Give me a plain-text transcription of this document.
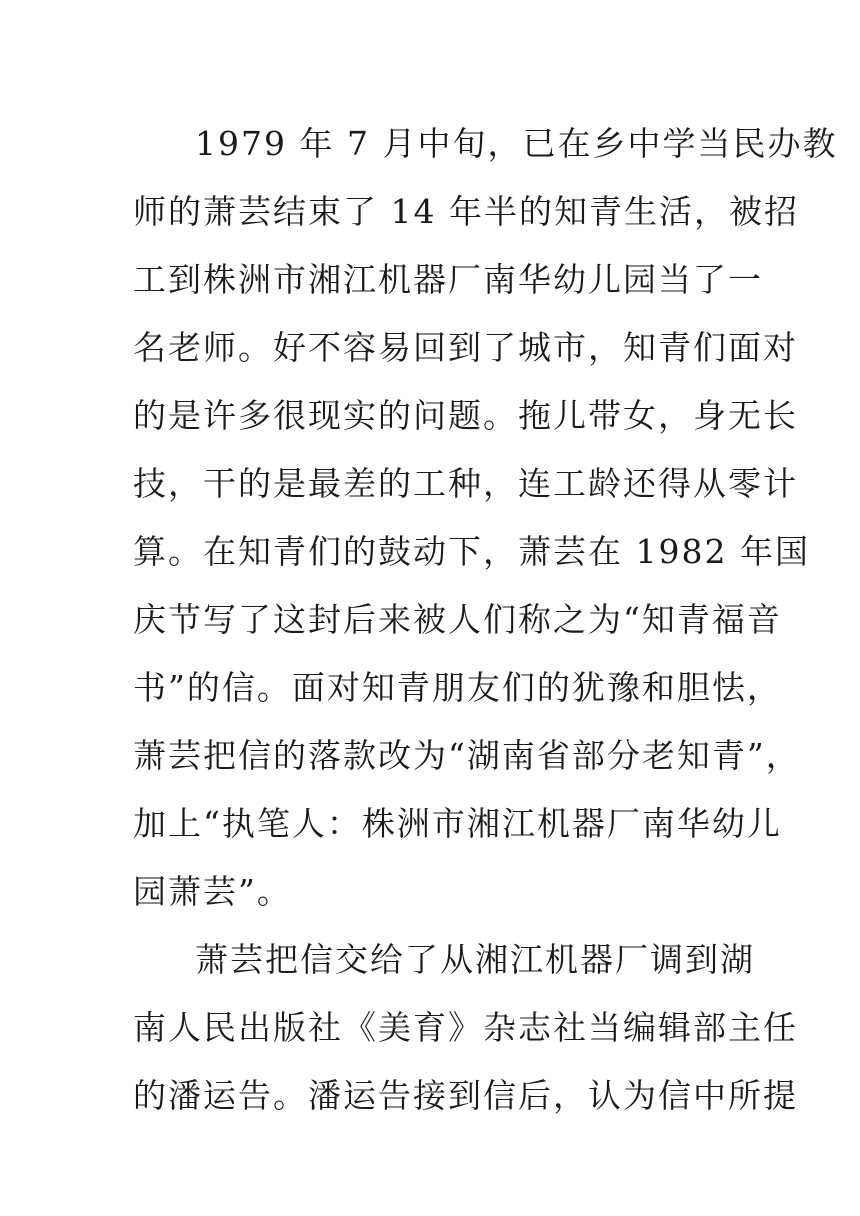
1979 年 7 月中旬，已在乡中学当民办教
师的萧芸结束了 14 年半的知青生活，被招
工到株洲市湘江机器厂南华幼儿园当了一
名老师。好不容易回到了城市，知青们面对
的是许多很现实的问题。拖儿带女，身无长
技，干的是最差的工种，连工龄还得从零计
算。在知青们的鼓动下，萧芸在 1982 年国
庆节写了这封后来被人们称之为“知青福音
书”的信。面对知青朋友们的犹豫和胆怯，
萧芸把信的落款改为“湖南省部分老知青”，
加上“执笔人：株洲市湘江机器厂南华幼儿
园萧芸”。
萧芸把信交给了从湘江机器厂调到湖
南人民出版社《美育》杂志社当编辑部主任
的潘运告。潘运告接到信后，认为信中所提
